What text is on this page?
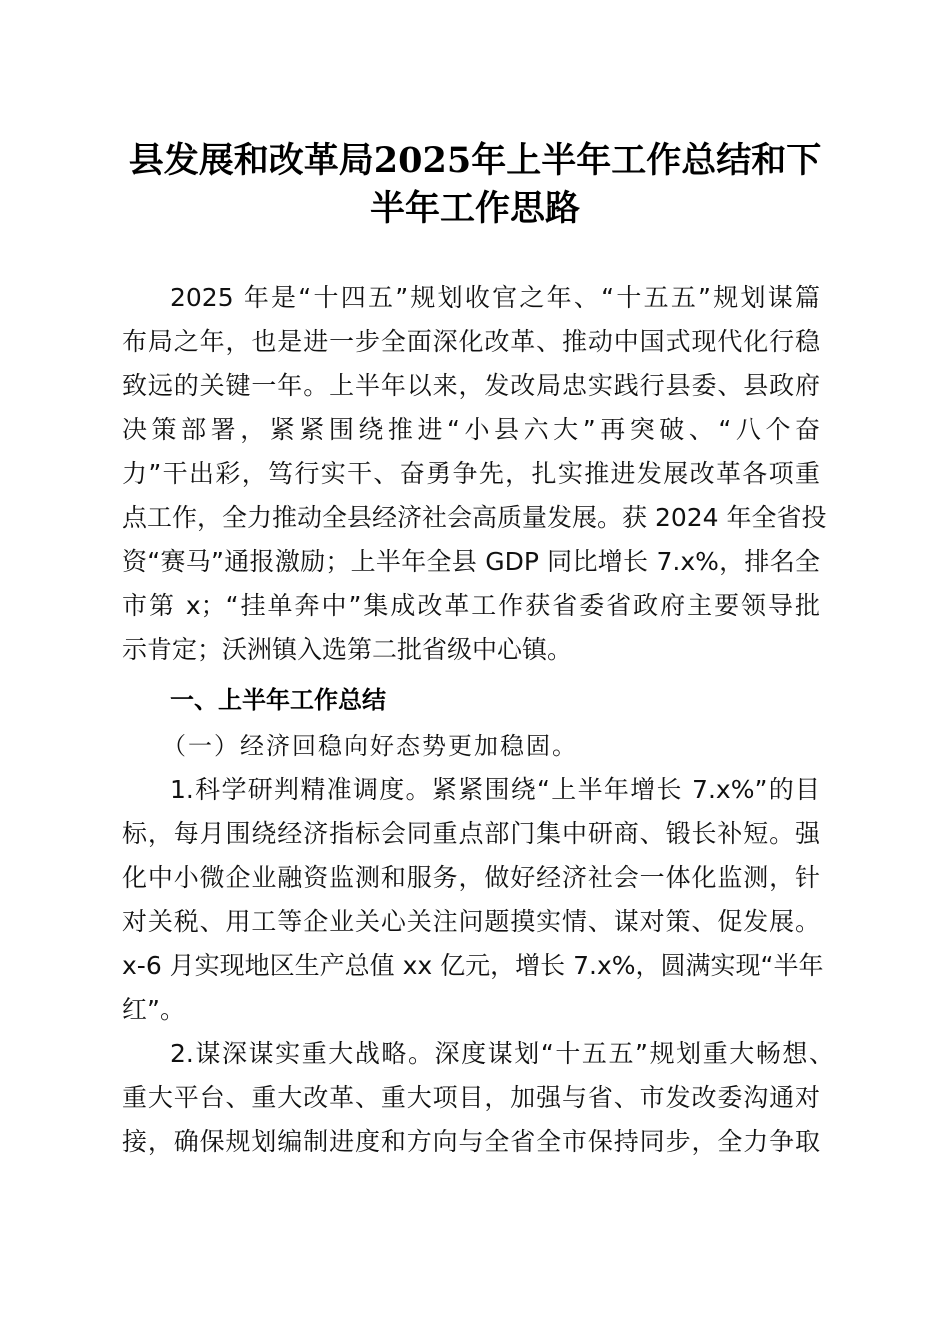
县发展和改革局2025年上半年工作总结和下
半年工作思路
2025 年是“十四五”规划收官之年、“十五五”规划谋篇
布局之年，也是进一步全面深化改革、推动中国式现代化行稳
致远的关键一年。上半年以来，发改局忠实践行县委、县政府
决策部署，紧紧围绕推进“小县六大”再突破、“八个奋
力”干出彩，笃行实干、奋勇争先，扎实推进发展改革各项重
点工作，全力推动全县经济社会高质量发展。获 2024 年全省投
资“赛马”通报激励；上半年全县 GDP 同比增长 7.x%，排名全
市第 x；“挂单奔中”集成改革工作获省委省政府主要领导批
示肯定；沃洲镇入选第二批省级中心镇。
一、上半年工作总结
（一）经济回稳向好态势更加稳固。
1.科学研判精准调度。紧紧围绕“上半年增长 7.x%”的目
标，每月围绕经济指标会同重点部门集中研商、锻长补短。强
化中小微企业融资监测和服务，做好经济社会一体化监测，针
对关税、用工等企业关心关注问题摸实情、谋对策、促发展。
x-6 月实现地区生产总值 xx 亿元，增长 7.x%，圆满实现“半年
红”。
2.谋深谋实重大战略。深度谋划“十五五”规划重大畅想、
重大平台、重大改革、重大项目，加强与省、市发改委沟通对
接，确保规划编制进度和方向与全省全市保持同步，全力争取
